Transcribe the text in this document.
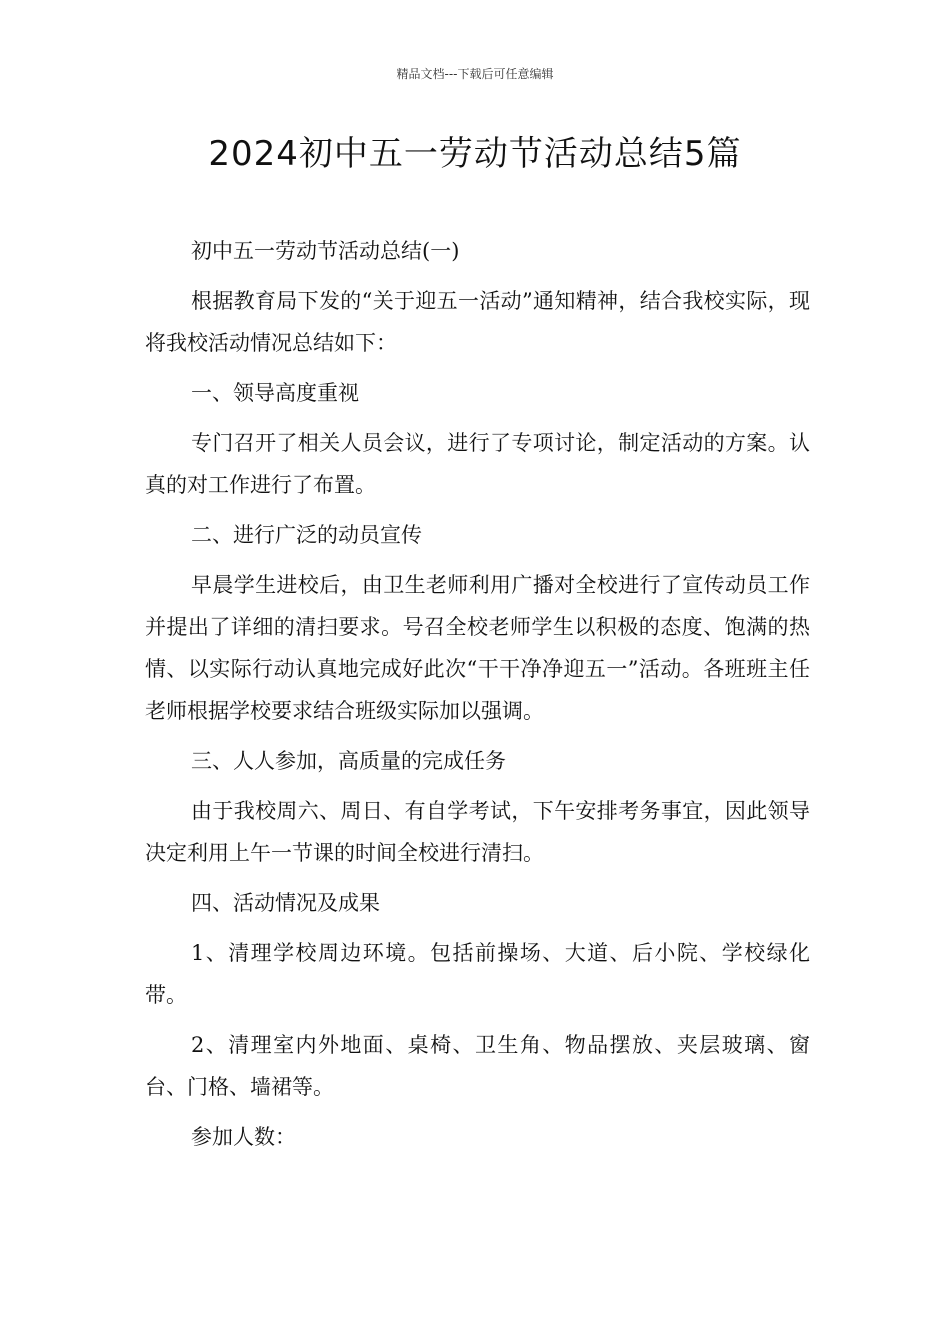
精品文档---下载后可任意编辑
2024初中五一劳动节活动总结5篇

初中五一劳动节活动总结(一)

根据教育局下发的“关于迎五一活动”通知精神，结合我校实际，现将我校活动情况总结如下：

一、领导高度重视

专门召开了相关人员会议，进行了专项讨论，制定活动的方案。认真的对工作进行了布置。

二、进行广泛的动员宣传

早晨学生进校后，由卫生老师利用广播对全校进行了宣传动员工作并提出了详细的清扫要求。号召全校老师学生以积极的态度、饱满的热情、以实际行动认真地完成好此次“干干净净迎五一”活动。各班班主任老师根据学校要求结合班级实际加以强调。

三、人人参加，高质量的完成任务

由于我校周六、周日、有自学考试，下午安排考务事宜，因此领导决定利用上午一节课的时间全校进行清扫。

四、活动情况及成果

1、清理学校周边环境。包括前操场、大道、后小院、学校绿化带。

2、清理室内外地面、桌椅、卫生角、物品摆放、夹层玻璃、窗台、门格、墙裙等。

参加人数：
